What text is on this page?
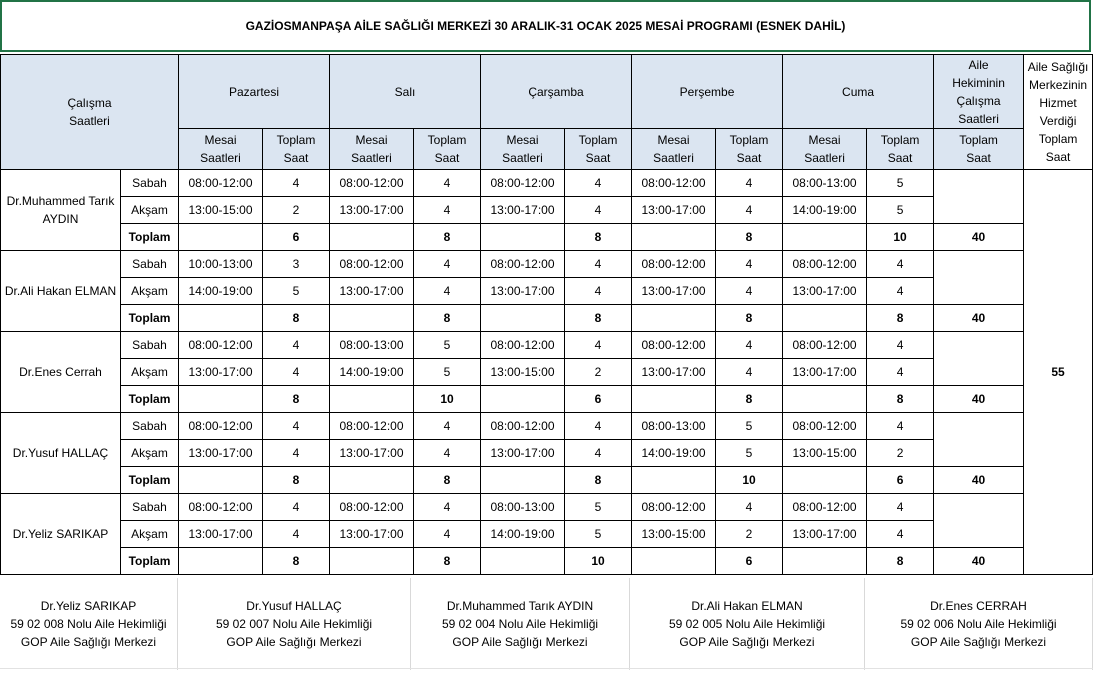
GAZİOSMANPAŞA AİLE SAĞLIĞI MERKEZİ 30 ARALIK-31 OCAK 2025 MESAİ PROGRAMI (ESNEK DAHİL)
Çalışma Saatleri		Pazartesi		Salı		Çarşamba		Perşembe		Cuma		Aile Hekiminin Çalışma Saatleri	Aile Sağlığı Merkezinin Hizmet Verdiği Toplam Saat

		Mesai Saatleri	Toplam Saat	Mesai Saatleri	Toplam Saat	Mesai Saatleri	Toplam Saat	Mesai Saatleri	Toplam Saat	Mesai Saatleri	Toplam Saat	Toplam Saat	

Dr.Muhammed Tarık AYDIN	Sabah	08:00-12:00	4	08:00-12:00	4	08:00-12:00	4	08:00-12:00	4	08:00-13:00	5		55
	Akşam	13:00-15:00	2	13:00-17:00	4	13:00-17:00	4	13:00-17:00	4	14:00-19:00	5		
	Toplam		6		8		8		8		10	40	

Dr.Ali Hakan ELMAN	Sabah	10:00-13:00	3	08:00-12:00	4	08:00-12:00	4	08:00-12:00	4	08:00-12:00	4		
	Akşam	14:00-19:00	5	13:00-17:00	4	13:00-17:00	4	13:00-17:00	4	13:00-17:00	4		
	Toplam		8		8		8		8		8	40	

Dr.Enes Cerrah	Sabah	08:00-12:00	4	08:00-13:00	5	08:00-12:00	4	08:00-12:00	4	08:00-12:00	4		
	Akşam	13:00-17:00	4	14:00-19:00	5	13:00-15:00	2	13:00-17:00	4	13:00-17:00	4		
	Toplam		8		10		6		8		8	40	

Dr.Yusuf HALLAÇ	Sabah	08:00-12:00	4	08:00-12:00	4	08:00-12:00	4	08:00-13:00	5	08:00-12:00	4		
	Akşam	13:00-17:00	4	13:00-17:00	4	13:00-17:00	4	14:00-19:00	5	13:00-15:00	2		
	Toplam		8		8		8		10		6	40	

Dr.Yeliz SARIKAP	Sabah	08:00-12:00	4	08:00-12:00	4	08:00-13:00	5	08:00-12:00	4	08:00-12:00	4		
	Akşam	13:00-17:00	4	13:00-17:00	4	14:00-19:00	5	13:00-15:00	2	13:00-17:00	4		
	Toplam		8		8		10		6		8	40	
Dr.Yeliz SARIKAP
59 02 008 Nolu Aile Hekimliği
GOP Aile Sağlığı Merkezi
Dr.Yusuf HALLAÇ
59 02 007 Nolu Aile Hekimliği
GOP Aile Sağlığı Merkezi
Dr.Muhammed Tarık AYDIN
59 02 004 Nolu Aile Hekimliği
GOP Aile Sağlığı Merkezi
Dr.Ali Hakan ELMAN
59 02 005 Nolu Aile Hekimliği
GOP Aile Sağlığı Merkezi
Dr.Enes CERRAH
59 02 006 Nolu Aile Hekimliği
GOP Aile Sağlığı Merkezi
